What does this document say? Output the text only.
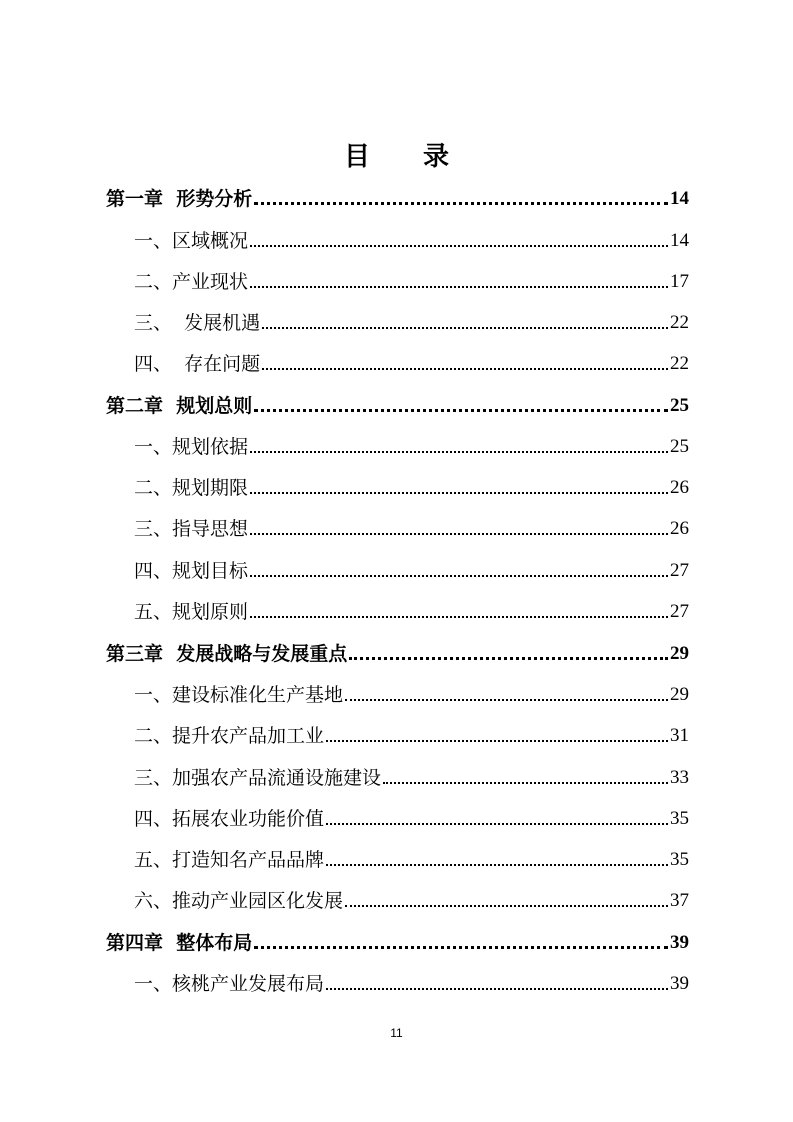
目 录
第一章  形势分析	14
一、区域概况	14
二、产业现状	17
三、  发展机遇	22
四、  存在问题	22
第二章  规划总则	25
一、规划依据	25
二、规划期限	26
三、指导思想	26
四、规划目标	27
五、规划原则	27
第三章  发展战略与发展重点	29
一、建设标准化生产基地	29
二、提升农产品加工业	31
三、加强农产品流通设施建设	33
四、拓展农业功能价值	35
五、打造知名产品品牌	35
六、推动产业园区化发展	37
第四章  整体布局	39
一、核桃产业发展布局	39
11
